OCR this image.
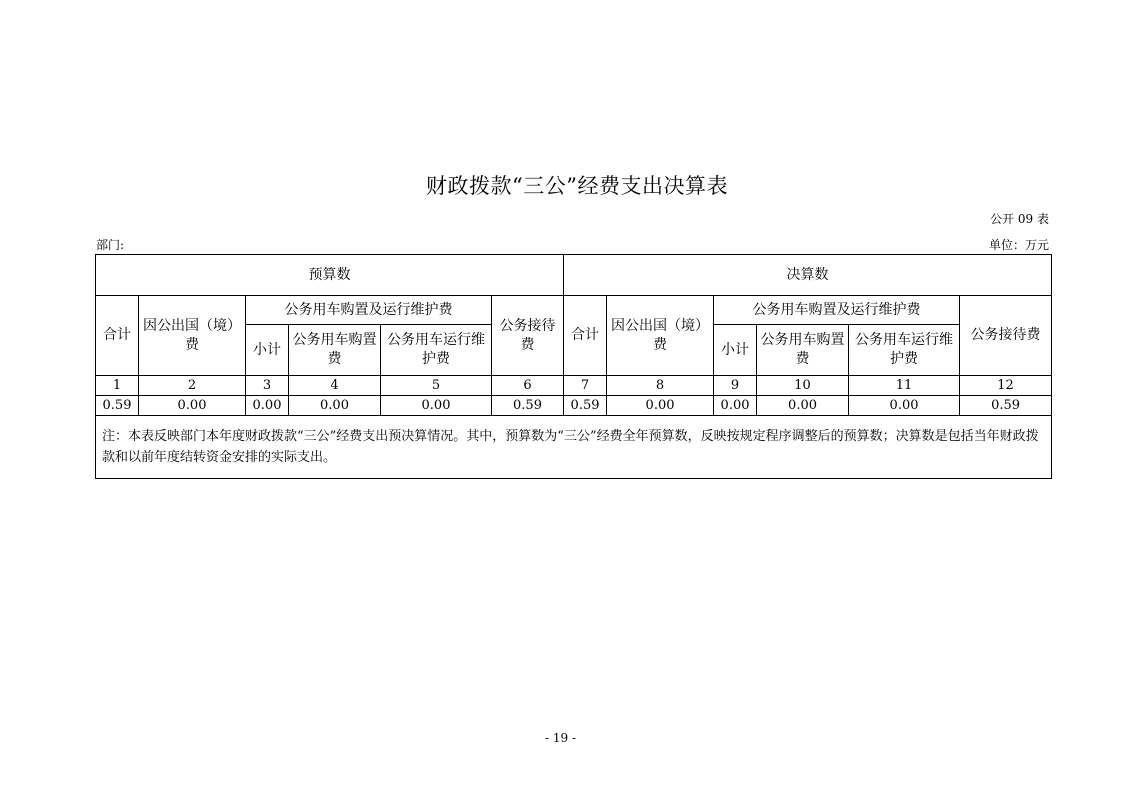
财政拨款“三公”经费支出决算表
公开 09 表
部门:	单位：万元
预算数						决算数					
合计	因公出国（境）费	公务用车购置及运行维护费			公务接待费	合计	因公出国（境）费	公务用车购置及运行维护费			公务接待费
		小计	公务用车购置费	公务用车运行维护费				小计	公务用车购置费	公务用车运行维护费	
1	2	3	4	5	6	7	8	9	10	11	12
0.59	0.00	0.00	0.00	0.00	0.59	0.59	0.00	0.00	0.00	0.00	0.59
注：本表反映部门本年度财政拨款“三公”经费支出预决算情况。其中，预算数为“三公”经费全年预算数，反映按规定程序调整后的预算数；决算数是包括当年财政拨款和以前年度结转资金安排的实际支出。											
- 19 -
